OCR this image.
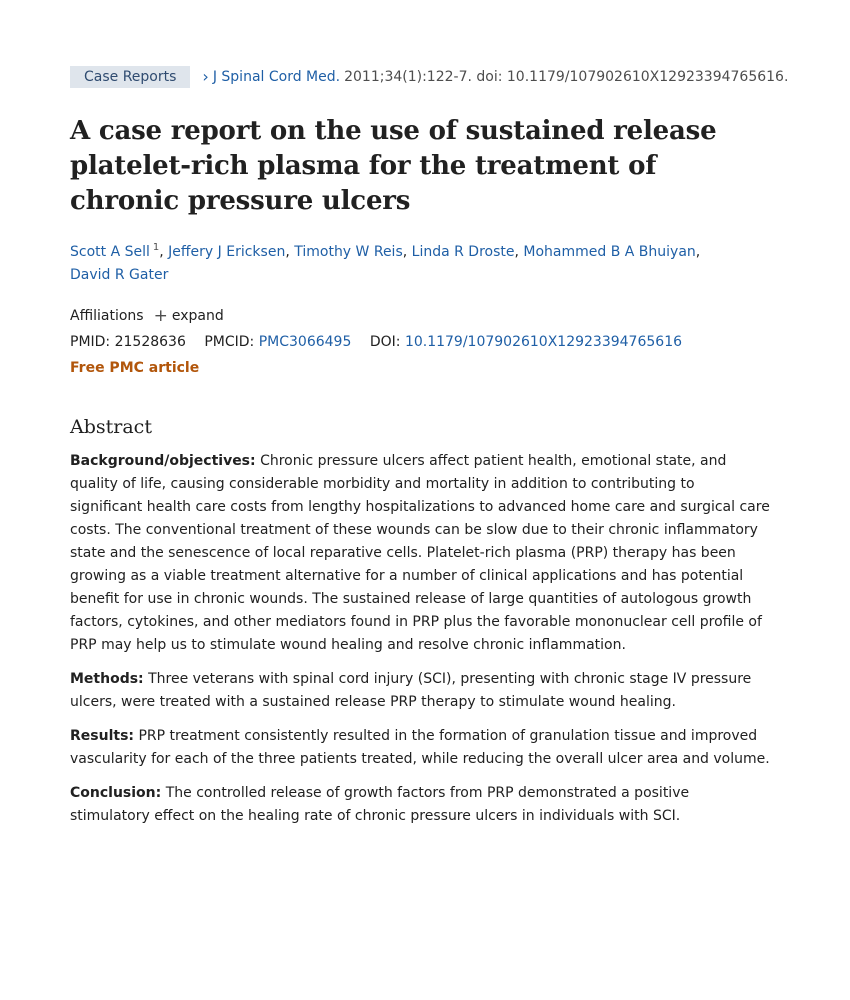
Case Reports	› J Spinal Cord Med. 2011;34(1):122-7. doi: 10.1179/107902610X12923394765616.
A case report on the use of sustained release platelet-rich plasma for the treatment of chronic pressure ulcers
Scott A Sell 1, Jeffery J Ericksen, Timothy W Reis, Linda R Droste, Mohammed B A Bhuiyan,
David R Gater
Affiliations + expand
PMID: 21528636 PMCID: PMC3066495 DOI: 10.1179/107902610X12923394765616
Free PMC article
Abstract

Background/objectives: Chronic pressure ulcers affect patient health, emotional state, and quality of life, causing considerable morbidity and mortality in addition to contributing to significant health care costs from lengthy hospitalizations to advanced home care and surgical care costs. The conventional treatment of these wounds can be slow due to their chronic inflammatory state and the senescence of local reparative cells. Platelet-rich plasma (PRP) therapy has been growing as a viable treatment alternative for a number of clinical applications and has potential benefit for use in chronic wounds. The sustained release of large quantities of autologous growth factors, cytokines, and other mediators found in PRP plus the favorable mononuclear cell profile of PRP may help us to stimulate wound healing and resolve chronic inflammation.

Methods: Three veterans with spinal cord injury (SCI), presenting with chronic stage IV pressure ulcers, were treated with a sustained release PRP therapy to stimulate wound healing.

Results: PRP treatment consistently resulted in the formation of granulation tissue and improved vascularity for each of the three patients treated, while reducing the overall ulcer area and volume.

Conclusion: The controlled release of growth factors from PRP demonstrated a positive stimulatory effect on the healing rate of chronic pressure ulcers in individuals with SCI.
